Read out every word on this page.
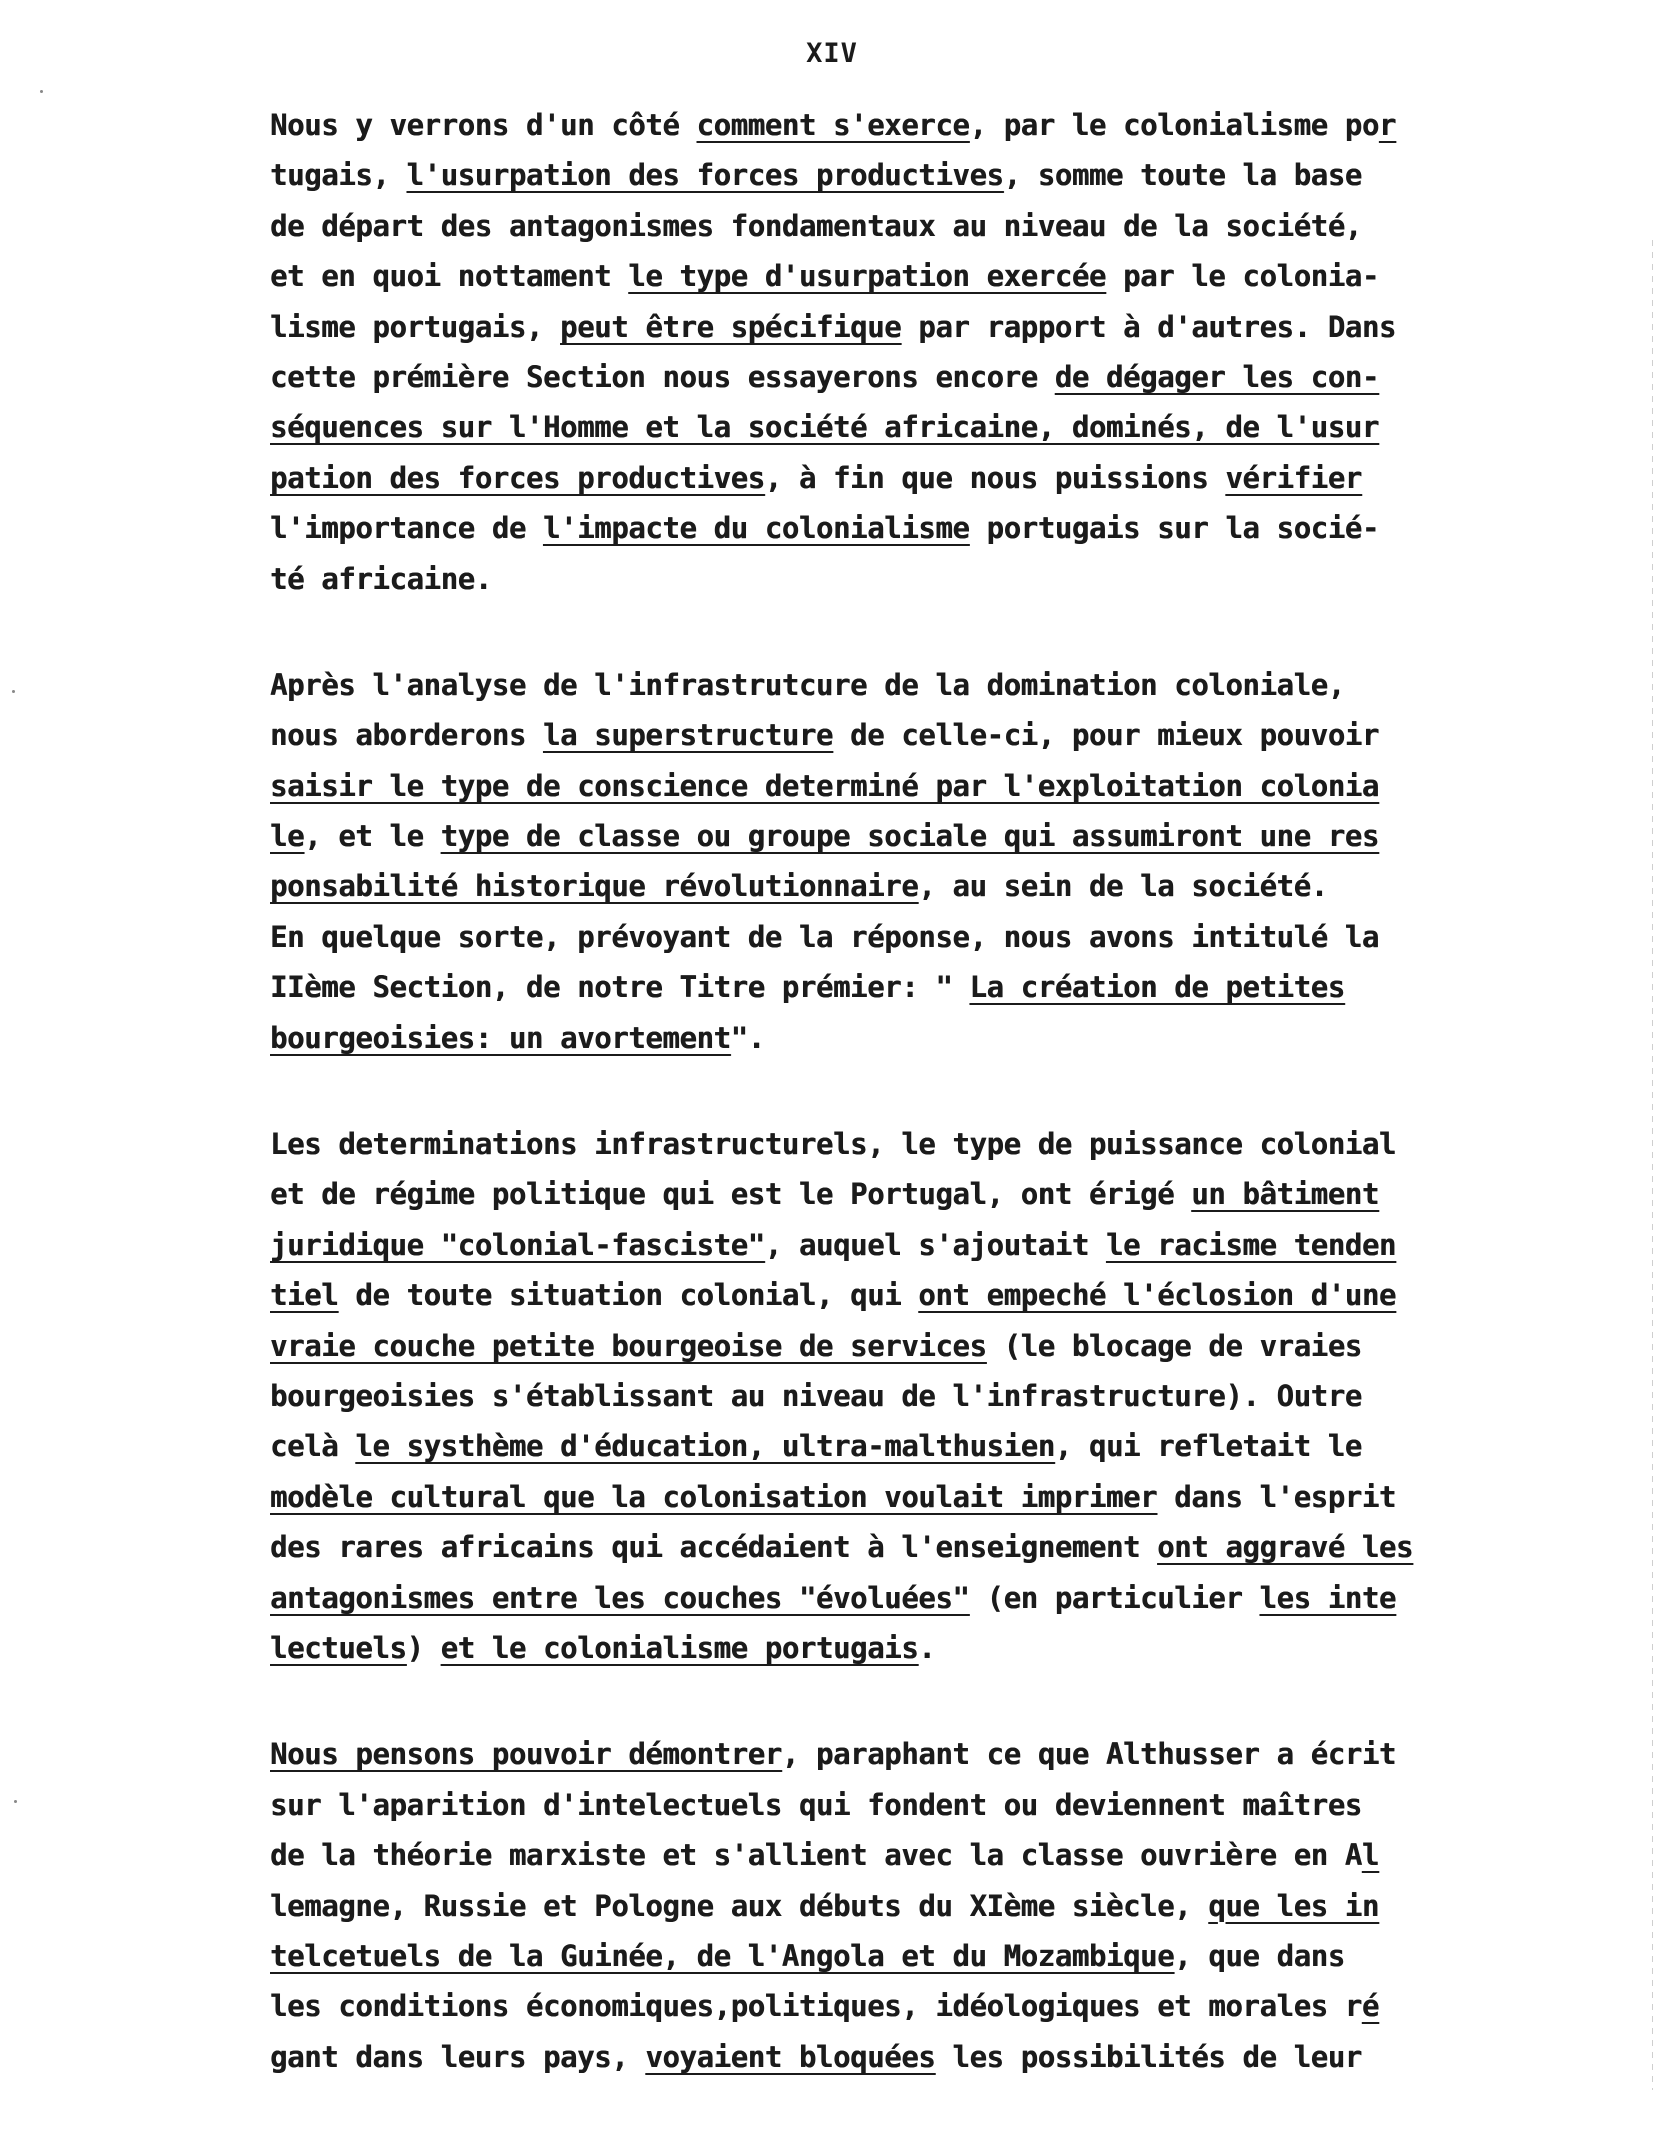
XIV
Nous y verrons d'un côté comment s'exerce, par le colonialisme por
tugais, l'usurpation des forces productives, somme toute la base
de départ des antagonismes fondamentaux au niveau de la société,
et en quoi nottament le type d'usurpation exercée par le colonia-
lisme portugais, peut être spécifique par rapport à d'autres. Dans
cette prémière Section nous essayerons encore de dégager les con-
séquences sur l'Homme et la société africaine, dominés, de l'usur
pation des forces productives, à fin que nous puissions vérifier
l'importance de l'impacte du colonialisme portugais sur la socié-
té africaine.
Après l'analyse de l'infrastrutcure de la domination coloniale,
nous aborderons la superstructure de celle-ci, pour mieux pouvoir
saisir le type de conscience determiné par l'exploitation colonia
le, et le type de classe ou groupe sociale qui assumiront une res
ponsabilité historique révolutionnaire, au sein de la société.
En quelque sorte, prévoyant de la réponse, nous avons intitulé la
IIème Section, de notre Titre prémier: " La création de petites
bourgeoisies: un avortement".
Les determinations infrastructurels, le type de puissance colonial
et de régime politique qui est le Portugal, ont érigé un bâtiment
juridique "colonial-fasciste", auquel s'ajoutait le racisme tenden
tiel de toute situation colonial, qui ont empeché l'éclosion d'une
vraie couche petite bourgeoise de services (le blocage de vraies
bourgeoisies s'établissant au niveau de l'infrastructure). Outre
celà le systhème d'éducation, ultra-malthusien, qui refletait le
modèle cultural que la colonisation voulait imprimer dans l'esprit
des rares africains qui accédaient à l'enseignement ont aggravé les
antagonismes entre les couches "évoluées" (en particulier les inte
lectuels) et le colonialisme portugais.
Nous pensons pouvoir démontrer, paraphant ce que Althusser a écrit
sur l'aparition d'intelectuels qui fondent ou deviennent maîtres
de la théorie marxiste et s'allient avec la classe ouvrière en Al
lemagne, Russie et Pologne aux débuts du XIème siècle, que les in
telcetuels de la Guinée, de l'Angola et du Mozambique, que dans
les conditions économiques,politiques, idéologiques et morales ré
gant dans leurs pays, voyaient bloquées les possibilités de leur
